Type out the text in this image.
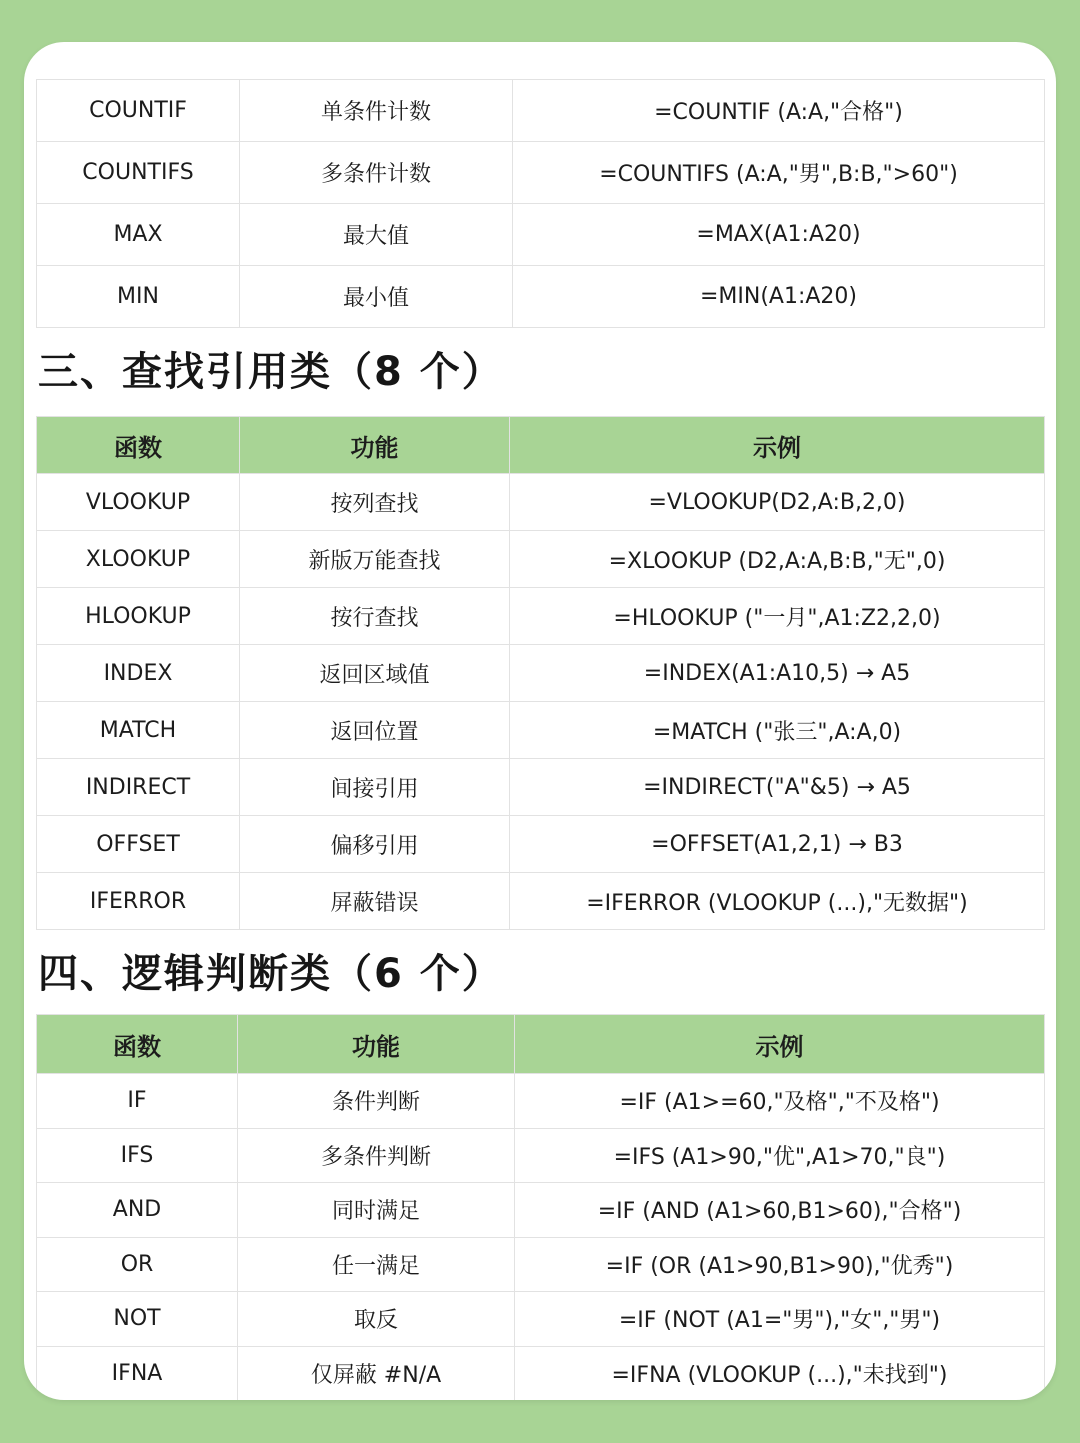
COUNTIF	单条件计数	=COUNTIF (A:A,"合格")
COUNTIFS	多条件计数	=COUNTIFS (A:A,"男",B:B,">60")
MAX	最大值	=MAX(A1:A20)
MIN	最小值	=MIN(A1:A20)
三、查找引用类（8 个）
函数	功能	示例
VLOOKUP	按列查找	=VLOOKUP(D2,A:B,2,0)
XLOOKUP	新版万能查找	=XLOOKUP (D2,A:A,B:B,"无",0)
HLOOKUP	按行查找	=HLOOKUP ("一月",A1:Z2,2,0)
INDEX	返回区域值	=INDEX(A1:A10,5) → A5
MATCH	返回位置	=MATCH ("张三",A:A,0)
INDIRECT	间接引用	=INDIRECT("A"&5) → A5
OFFSET	偏移引用	=OFFSET(A1,2,1) → B3
IFERROR	屏蔽错误	=IFERROR (VLOOKUP (...),"无数据")
四、逻辑判断类（6 个）
函数	功能	示例
IF	条件判断	=IF (A1>=60,"及格","不及格")
IFS	多条件判断	=IFS (A1>90,"优",A1>70,"良")
AND	同时满足	=IF (AND (A1>60,B1>60),"合格")
OR	任一满足	=IF (OR (A1>90,B1>90),"优秀")
NOT	取反	=IF (NOT (A1="男"),"女","男")
IFNA	仅屏蔽 #N/A	=IFNA (VLOOKUP (...),"未找到")
